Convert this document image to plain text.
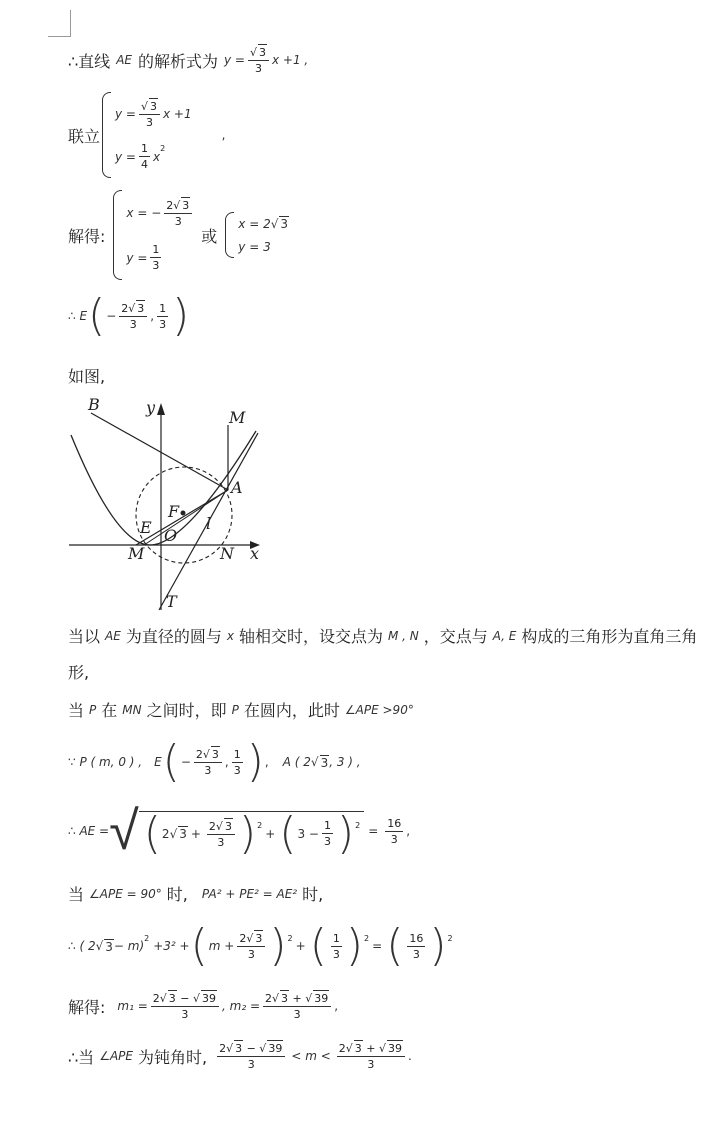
∴直线 AE 的解析式为 $y = \frac{√ 3}{3}$ x +1 ,
联立
$y = \frac{√ 3}{3}$ x +1
$y = \frac{1}{4}$ x
$^2$
,
解得:
x = − $\frac{2√ 3}{3}$
$y = \frac{1}{3}$
或
x = 2 √ 3
y = 3
∴ E ( − $\frac{2√ 3}{3}$ , $\frac{1}{3}$ )
如图,
B	y
M
A
F
E	l
O
M	N x
T
当以 AE 为直径的圆与 x 轴相交时，设交点为 M , N ，交点与 A, E 构成的三角形为直角三角
形,
当 P 在 MN 之间时，即 P 在圆内，此时 ∠APE >90°
∵ P ( m, 0 ) , E ( − $\frac{2√ 3}{3}$ , $\frac{1}{3}$ ) , A ( 2 √ 3 , 3 ) ,
∴ AE = √ ( 2 √ $3 + \frac{2√ 3}{3} )^2$
+ ( $3 - \frac{1}{3} )^2 = \frac{16}{3}$ ,
当 ∠APE = 90° 时, PA² + PE² = AE² 时,
∴ ( 2 √ 3 − m)
$^2$
+3² + ( $m + \frac{2√ 3}{3} )^2$
+ ( $\frac{1}{3} )^2$
= ( $\frac{16}{3} )^2$
解得: $m_1 = \frac{2√ 3 - √ 39}{3}$ , $m_2 = \frac{2√ 3 + √ 39}{3}$ ,
∴当 ∠APE 为钝角时, $\frac{2√ 3 - √ 39}{3} < m < \frac{2√ 3 + √ 39}{3}$ .
